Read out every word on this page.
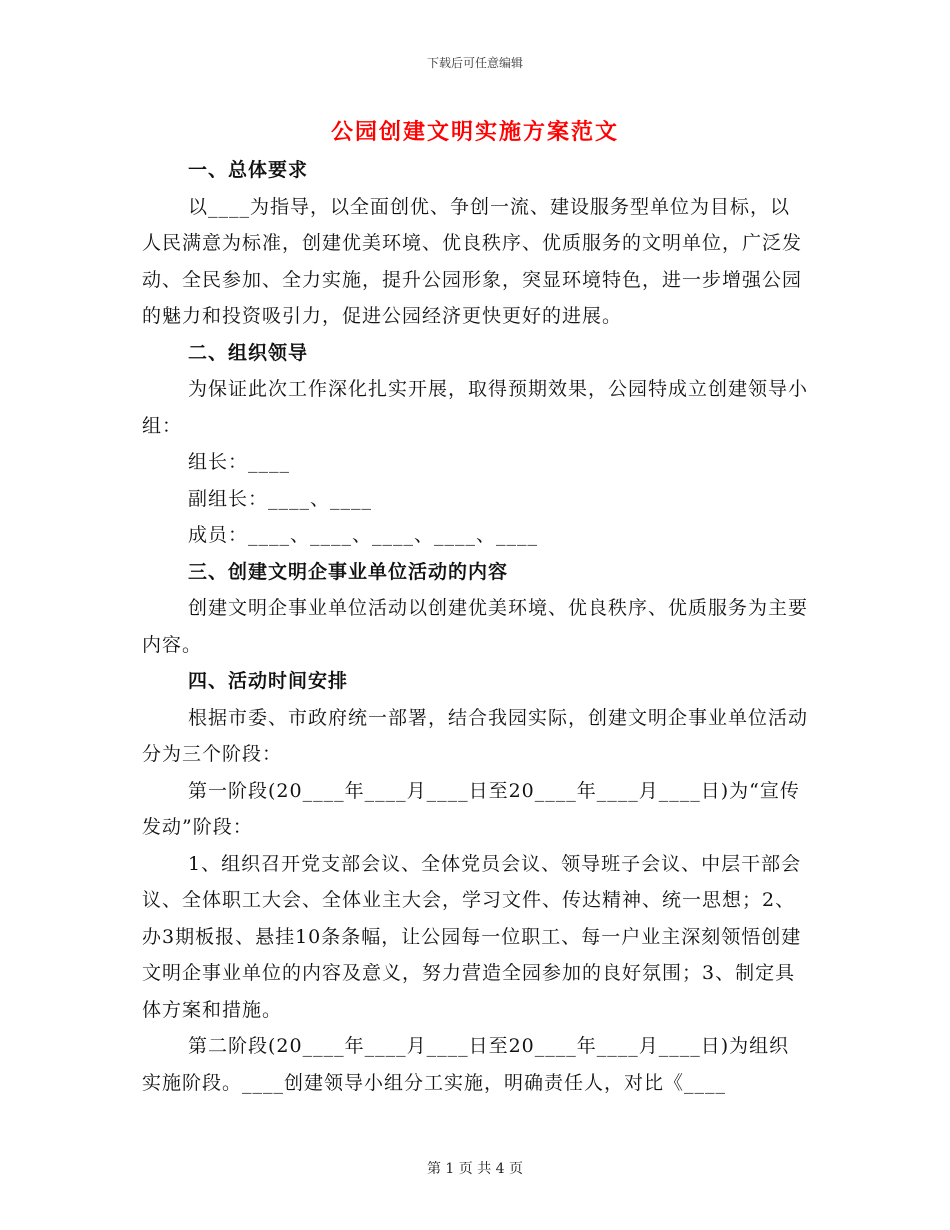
下载后可任意编辑
公园创建文明实施方案范文

一、总体要求

以____为指导，以全面创优、争创一流、建设服务型单位为目标，以人民满意为标准，创建优美环境、优良秩序、优质服务的文明单位，广泛发动、全民参加、全力实施，提升公园形象，突显环境特色，进一步增强公园的魅力和投资吸引力，促进公园经济更快更好的进展。

二、组织领导

为保证此次工作深化扎实开展，取得预期效果，公园特成立创建领导小组：

组长：____

副组长：____、____

成员：____、____、____、____、____

三、创建文明企事业单位活动的内容

创建文明企事业单位活动以创建优美环境、优良秩序、优质服务为主要内容。

四、活动时间安排

根据市委、市政府统一部署，结合我园实际，创建文明企事业单位活动分为三个阶段：

第一阶段(20____年____月____日至20____年____月____日)为“宣传发动”阶段：

1、组织召开党支部会议、全体党员会议、领导班子会议、中层干部会议、全体职工大会、全体业主大会，学习文件、传达精神、统一思想；2、办3期板报、悬挂10条条幅，让公园每一位职工、每一户业主深刻领悟创建文明企事业单位的内容及意义，努力营造全园参加的良好氛围；3、制定具体方案和措施。

第二阶段(20____年____月____日至20____年____月____日)为组织实施阶段。____创建领导小组分工实施，明确责任人，对比《____

第 1 页 共 4 页
